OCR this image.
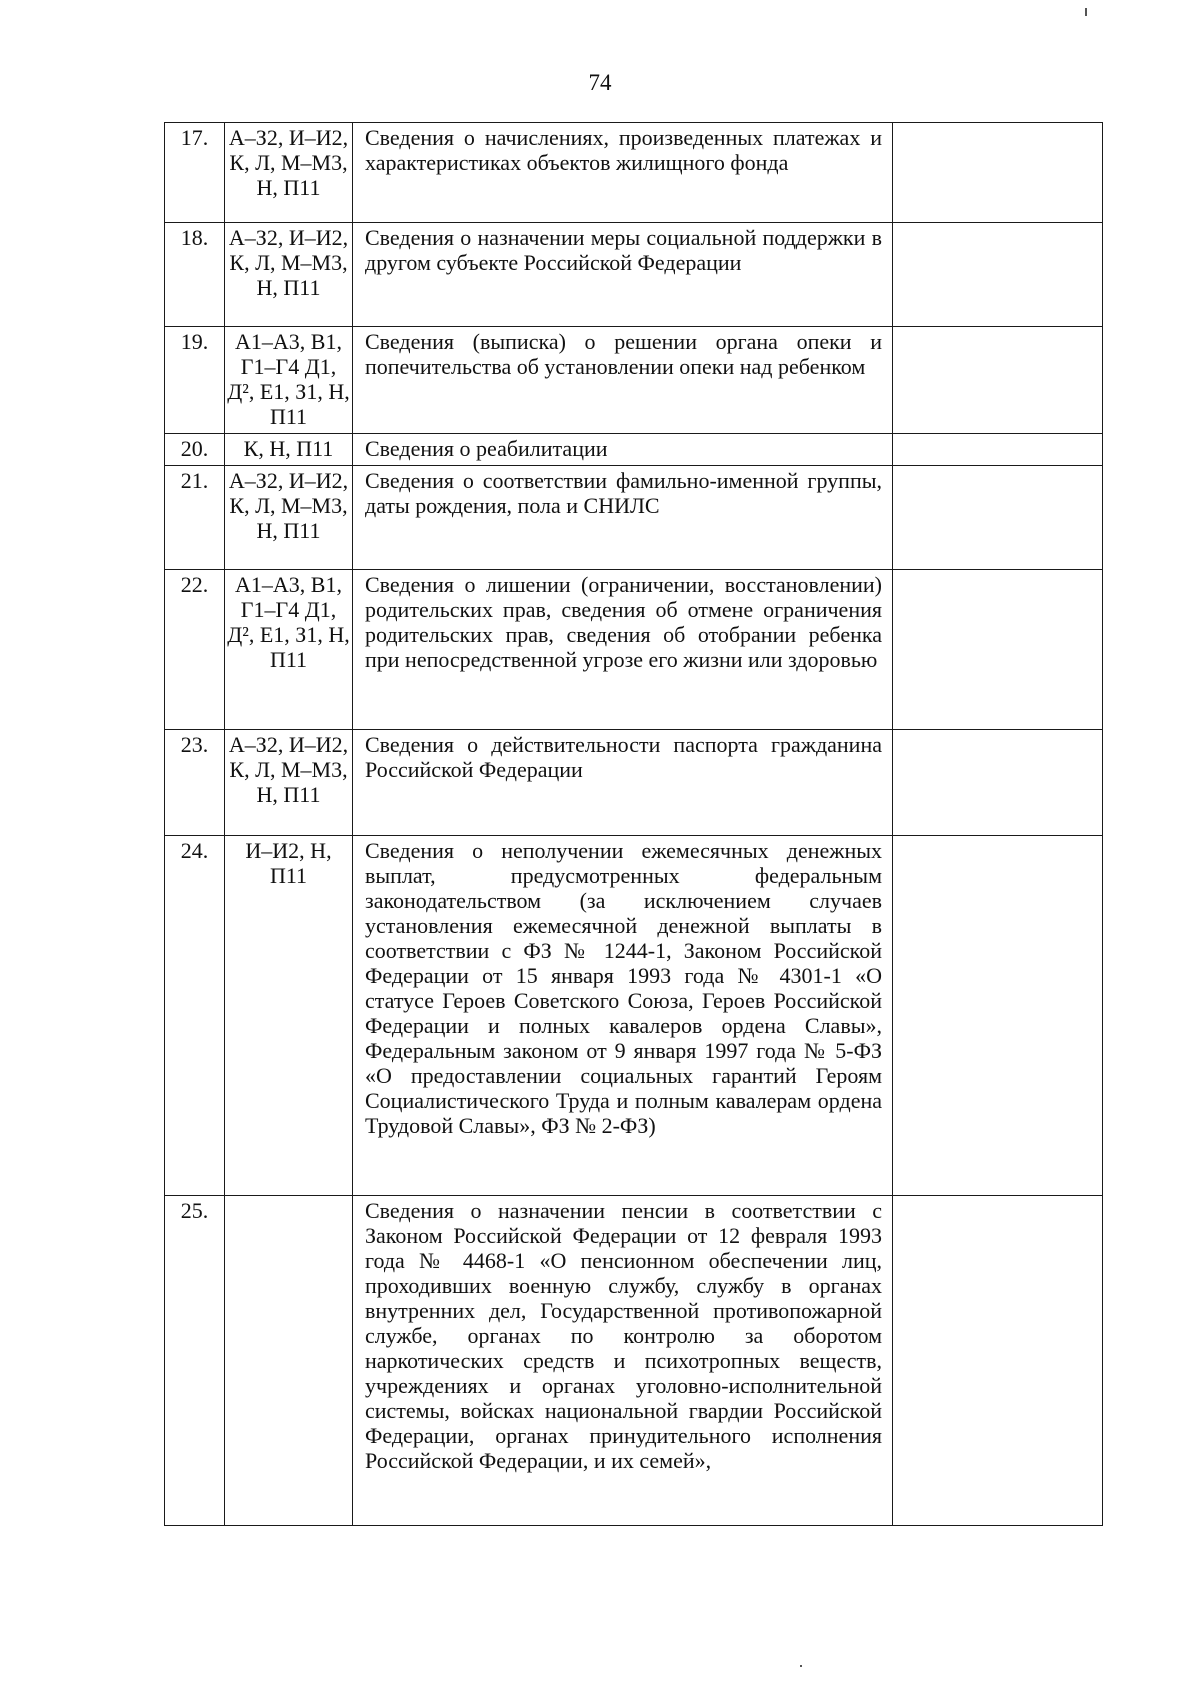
74
17.	А–З2, И–И2, К, Л, М–М3, Н, П11	Сведения о начислениях, произведенных платежах и характеристиках объектов жилищного фонда	
18.	А–З2, И–И2, К, Л, М–М3, Н, П11	Сведения о назначении меры социальной поддержки в другом субъекте Российской Федерации	
19.	А1–А3, В1, Г1–Г4 Д1, Д², Е1, З1, Н, П11	Сведения (выписка) о решении органа опеки и попечительства об установлении опеки над ребенком	
20.	К, Н, П11	Сведения о реабилитации	
21.	А–З2, И–И2, К, Л, М–М3, Н, П11	Сведения о соответствии фамильно-именной группы, даты рождения, пола и СНИЛС	
22.	А1–А3, В1, Г1–Г4 Д1, Д², Е1, З1, Н, П11	Сведения о лишении (ограничении, восстановлении) родительских прав, сведения об отмене ограничения родительских прав, сведения об отобрании ребенка при непосредственной угрозе его жизни или здоровью	
23.	А–З2, И–И2, К, Л, М–М3, Н, П11	Сведения о действительности паспорта гражданина Российской Федерации	
24.	И–И2, Н, П11	Сведения о неполучении ежемесячных денежных выплат, предусмотренных федеральным законодательством (за исключением случаев установления ежемесячной денежной выплаты в соответствии с ФЗ № 1244-1, Законом Российской Федерации от 15 января 1993 года № 4301-1 «О статусе Героев Советского Союза, Героев Российской Федерации и полных кавалеров ордена Славы», Федеральным законом от 9 января 1997 года № 5-ФЗ «О предоставлении социальных гарантий Героям Социалистического Труда и полным кавалерам ордена Трудовой Славы», ФЗ № 2-ФЗ)	
25.		Сведения о назначении пенсии в соответствии с Законом Российской Федерации от 12 февраля 1993 года № 4468-1 «О пенсионном обеспечении лиц, проходивших военную службу, службу в органах внутренних дел, Государственной противопожарной службе, органах по контролю за оборотом наркотических средств и психотропных веществ, учреждениях и органах уголовно-исполнительной системы, войсках национальной гвардии Российской Федерации, органах принудительного исполнения Российской Федерации, и их семей»,	
